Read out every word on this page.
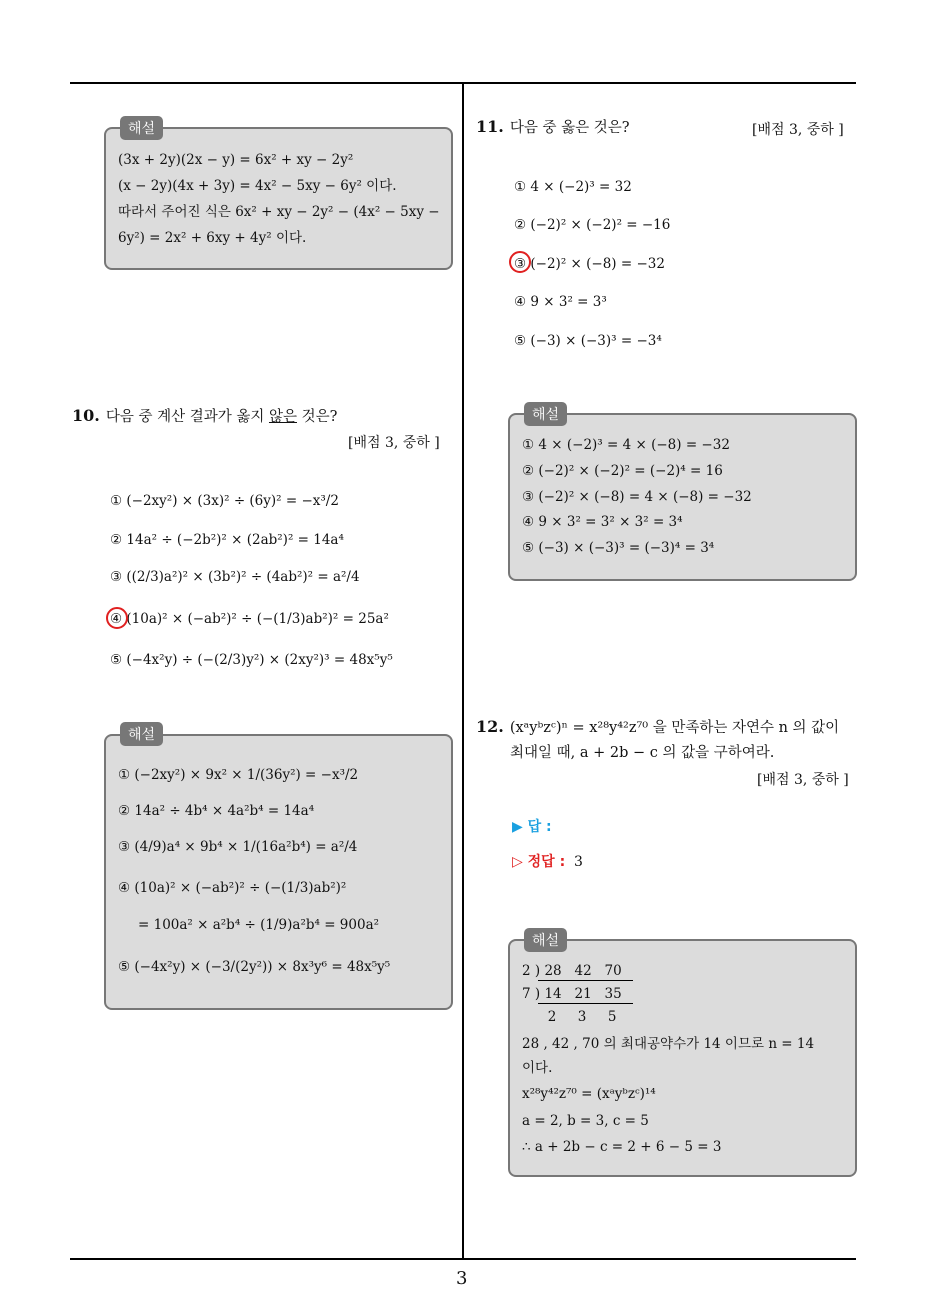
3
해설
(3x + 2y)(2x − y) = 6x² + xy − 2y²
(x − 2y)(4x + 3y) = 4x² − 5xy − 6y² 이다.
따라서 주어진 식은 6x² + xy − 2y² − (4x² − 5xy −
6y²) = 2x² + 6xy + 4y² 이다.
10. 다음 중 계산 결과가 옳지 않은 것은?
[배점 3, 중하 ]
① (−2xy²) × (3x)² ÷ (6y)² = −x³/2
② 14a² ÷ (−2b²)² × (2ab²)² = 14a⁴
③ ((2/3)a²)² × (3b²)² ÷ (4ab²)² = a²/4
④ (10a)² × (−ab²)² ÷ (−(1/3)ab²)² = 25a²
⑤ (−4x²y) ÷ (−(2/3)y²) × (2xy²)³ = 48x⁵y⁵
해설
① (−2xy²) × 9x² × 1/(36y²) = −x³/2
② 14a² ÷ 4b⁴ × 4a²b⁴ = 14a⁴
③ (4/9)a⁴ × 9b⁴ × 1/(16a²b⁴) = a²/4
④ (10a)² × (−ab²)² ÷ (−(1/3)ab²)²
= 100a² × a²b⁴ ÷ (1/9)a²b⁴ = 900a²
⑤ (−4x²y) × (−3/(2y²)) × 8x³y⁶ = 48x⁵y⁵
11. 다음 중 옳은 것은?	[배점 3, 중하 ]
① 4 × (−2)³ = 32
② (−2)² × (−2)² = −16
③ (−2)² × (−8) = −32
④ 9 × 3² = 3³
⑤ (−3) × (−3)³ = −3⁴
해설
① 4 × (−2)³ = 4 × (−8) = −32
② (−2)² × (−2)² = (−2)⁴ = 16
③ (−2)² × (−8) = 4 × (−8) = −32
④ 9 × 3² = 3² × 3² = 3⁴
⑤ (−3) × (−3)³ = (−3)⁴ = 3⁴
12. (xᵃyᵇzᶜ)ⁿ = x²⁸y⁴²z⁷⁰ 을 만족하는 자연수 n 의 값이
최대일 때, a + 2b − c 의 값을 구하여라.
[배점 3, 중하 ]
▶ 답 :
▷ 정답 : 3
해설
2 ) 28   42   70
7 ) 14   21   35
2     3     5
28 , 42 , 70 의 최대공약수가 14 이므로 n = 14
이다.
x²⁸y⁴²z⁷⁰ = (xᵃyᵇzᶜ)¹⁴
a = 2, b = 3, c = 5
∴ a + 2b − c = 2 + 6 − 5 = 3
